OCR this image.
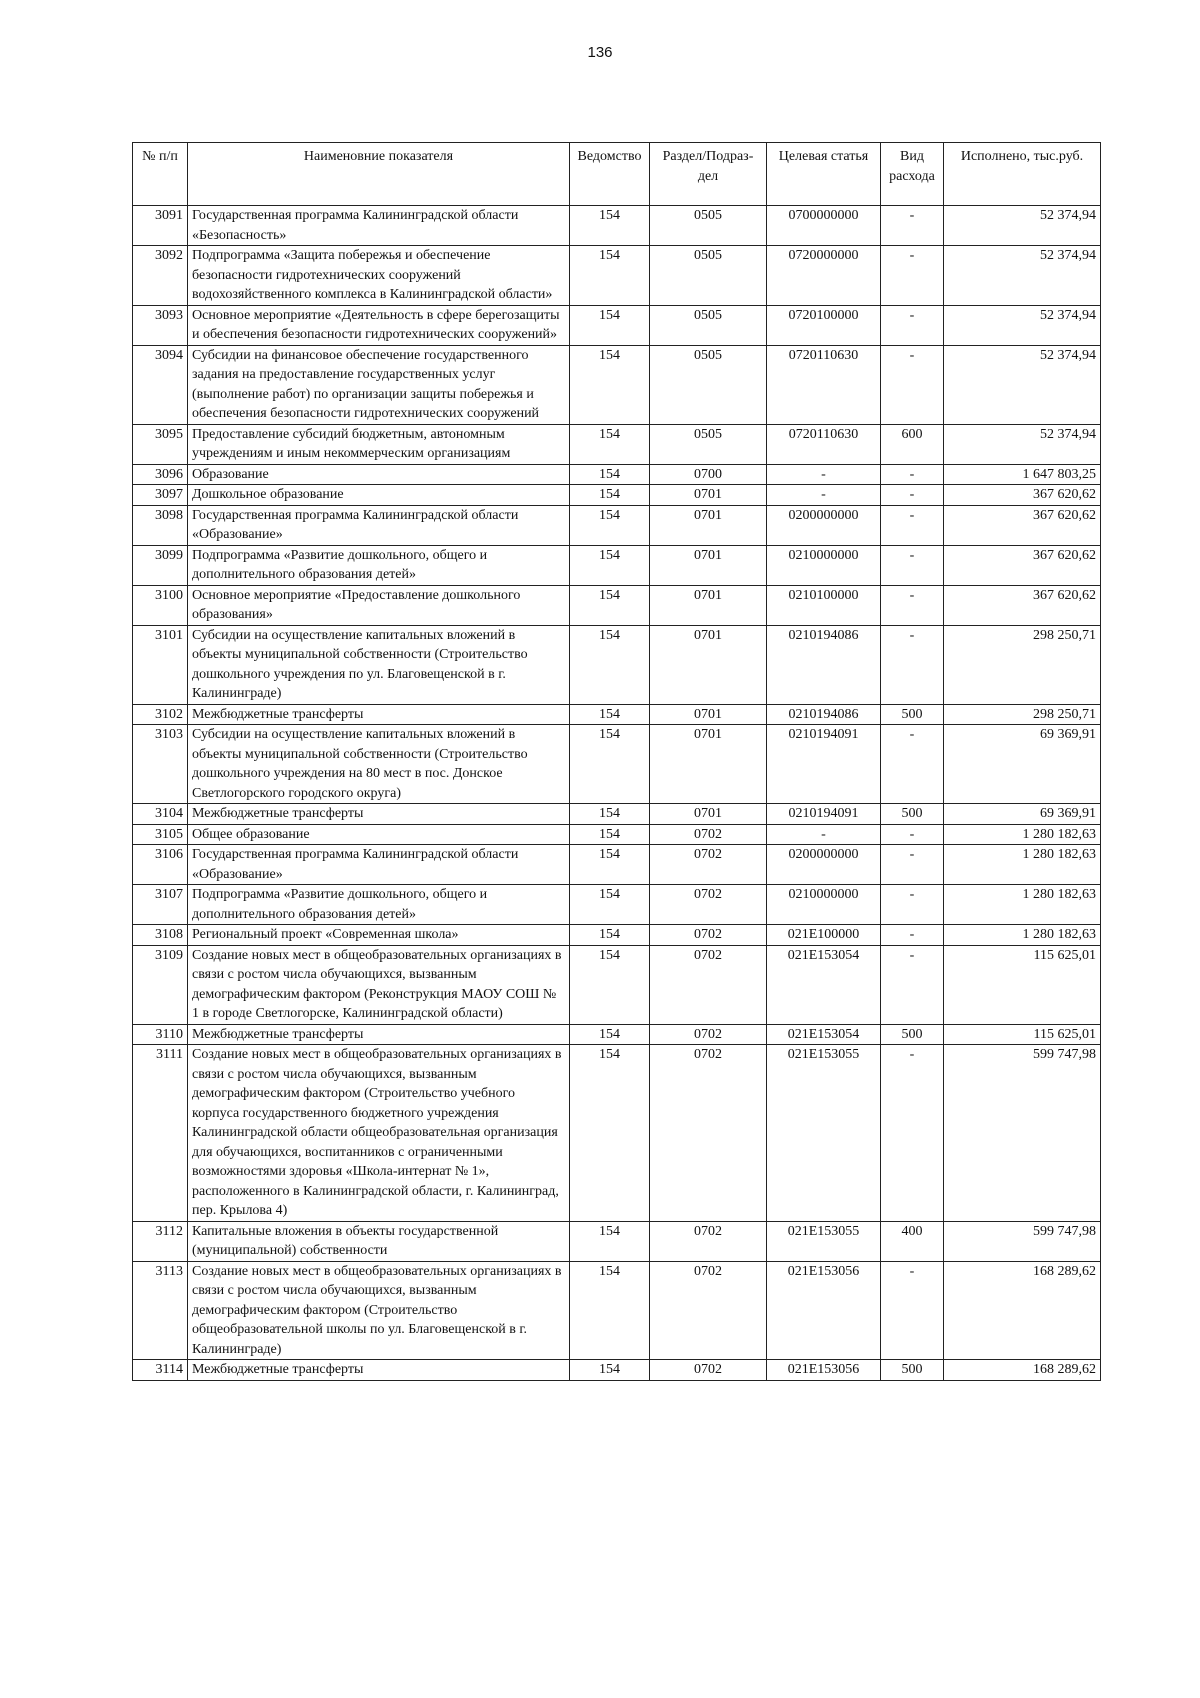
136
№ п/п	Наименовние показателя	Ведомство	Раздел/Подраз-дел	Целевая статья	Вид расхода	Исполнено, тыс.руб.
3091	Государственная программа Калининградской области «Безопасность»	154	0505	0700000000	-	52 374,94
3092	Подпрограмма «Защита побережья и обеспечение безопасности гидротехнических сооружений водохозяйственного комплекса в Калининградской области»	154	0505	0720000000	-	52 374,94
3093	Основное мероприятие «Деятельность в сфере берегозащиты и обеспечения безопасности гидротехнических сооружений»	154	0505	0720100000	-	52 374,94
3094	Субсидии на финансовое обеспечение государственного задания на предоставление государственных услуг (выполнение работ) по организации защиты побережья и обеспечения безопасности гидротехнических сооружений	154	0505	0720110630	-	52 374,94
3095	Предоставление субсидий бюджетным, автономным учреждениям и иным некоммерческим организациям	154	0505	0720110630	600	52 374,94
3096	Образование	154	0700	-	-	1 647 803,25
3097	Дошкольное образование	154	0701	-	-	367 620,62
3098	Государственная программа Калининградской области «Образование»	154	0701	0200000000	-	367 620,62
3099	Подпрограмма «Развитие дошкольного, общего и дополнительного образования детей»	154	0701	0210000000	-	367 620,62
3100	Основное мероприятие «Предоставление дошкольного образования»	154	0701	0210100000	-	367 620,62
3101	Субсидии на осуществление капитальных вложений в объекты муниципальной собственности (Строительство дошкольного учреждения по ул. Благовещенской в г. Калининграде)	154	0701	0210194086	-	298 250,71
3102	Межбюджетные трансферты	154	0701	0210194086	500	298 250,71
3103	Субсидии на осуществление капитальных вложений в объекты муниципальной собственности (Строительство дошкольного учреждения на 80 мест в пос. Донское Светлогорского городского округа)	154	0701	0210194091	-	69 369,91
3104	Межбюджетные трансферты	154	0701	0210194091	500	69 369,91
3105	Общее образование	154	0702	-	-	1 280 182,63
3106	Государственная программа Калининградской области «Образование»	154	0702	0200000000	-	1 280 182,63
3107	Подпрограмма «Развитие дошкольного, общего и дополнительного образования детей»	154	0702	0210000000	-	1 280 182,63
3108	Региональный проект «Современная школа»	154	0702	021E100000	-	1 280 182,63
3109	Создание новых мест в общеобразовательных организациях в связи с ростом числа обучающихся, вызванным демографическим фактором (Реконструкция МАОУ СОШ № 1 в городе Светлогорске, Калининградской области)	154	0702	021E153054	-	115 625,01
3110	Межбюджетные трансферты	154	0702	021E153054	500	115 625,01
3111	Создание новых мест в общеобразовательных организациях в связи с ростом числа обучающихся, вызванным демографическим фактором (Строительство учебного корпуса государственного бюджетного учреждения Калининградской области общеобразовательная организация для обучающихся, воспитанников с ограниченными возможностями здоровья «Школа-интернат № 1», расположенного в Калининградской области, г. Калининград, пер. Крылова 4)	154	0702	021E153055	-	599 747,98
3112	Капитальные вложения в объекты государственной (муниципальной) собственности	154	0702	021E153055	400	599 747,98
3113	Создание новых мест в общеобразовательных организациях в связи с ростом числа обучающихся, вызванным демографическим фактором (Строительство общеобразовательной школы по ул. Благовещенской в г. Калининграде)	154	0702	021E153056	-	168 289,62
3114	Межбюджетные трансферты	154	0702	021E153056	500	168 289,62
